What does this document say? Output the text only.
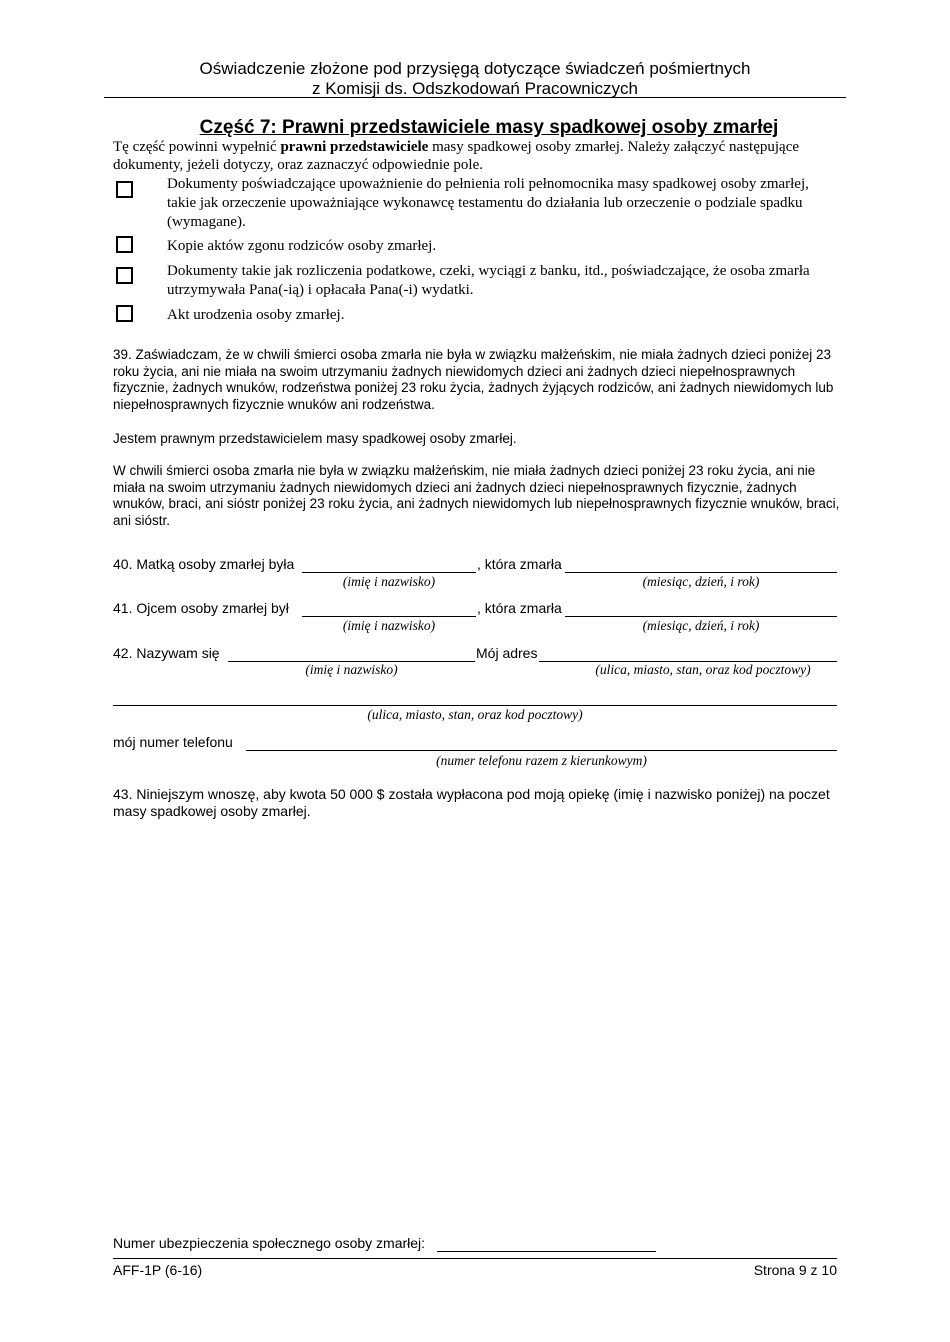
Oświadczenie złożone pod przysięgą dotyczące świadczeń pośmiertnych
z Komisji ds. Odszkodowań Pracowniczych
Część 7: Prawni przedstawiciele masy spadkowej osoby zmarłej
Tę część powinni wypełnić prawni przedstawiciele masy spadkowej osoby zmarłej. Należy załączyć następujące dokumenty, jeżeli dotyczy, oraz zaznaczyć odpowiednie pole.
Dokumenty poświadczające upoważnienie do pełnienia roli pełnomocnika masy spadkowej osoby zmarłej, takie jak orzeczenie upoważniające wykonawcę testamentu do działania lub orzeczenie o podziale spadku (wymagane).
Kopie aktów zgonu rodziców osoby zmarłej.
Dokumenty takie jak rozliczenia podatkowe, czeki, wyciągi z banku, itd., poświadczające, że osoba zmarła utrzymywała Pana(-ią) i opłacała Pana(-i) wydatki.
Akt urodzenia osoby zmarłej.
39. Zaświadczam, że w chwili śmierci osoba zmarła nie była w związku małżeńskim, nie miała żadnych dzieci poniżej 23 roku życia, ani nie miała na swoim utrzymaniu żadnych niewidomych dzieci ani żadnych dzieci niepełnosprawnych fizycznie, żadnych wnuków, rodzeństwa poniżej 23 roku życia, żadnych żyjących rodziców, ani żadnych niewidomych lub niepełnosprawnych fizycznie wnuków ani rodzeństwa.
Jestem prawnym przedstawicielem masy spadkowej osoby zmarłej.
W chwili śmierci osoba zmarła nie była w związku małżeńskim, nie miała żadnych dzieci poniżej 23 roku życia, ani nie miała na swoim utrzymaniu żadnych niewidomych dzieci ani żadnych dzieci niepełnosprawnych fizycznie, żadnych wnuków, braci, ani sióstr poniżej 23 roku życia, ani żadnych niewidomych lub niepełnosprawnych fizycznie wnuków, braci, ani sióstr.
40. Matką osoby zmarłej była	, która zmarła
(imię i nazwisko)	(miesiąc, dzień, i rok)
41. Ojcem osoby zmarłej był	, która zmarła
(imię i nazwisko)	(miesiąc, dzień, i rok)
42. Nazywam się	Mój adres
(imię i nazwisko)	(ulica, miasto, stan, oraz kod pocztowy)
(ulica, miasto, stan, oraz kod pocztowy)
mój numer telefonu
(numer telefonu razem z kierunkowym)
43. Niniejszym wnoszę, aby kwota 50 000 $ została wypłacona pod moją opiekę (imię i nazwisko poniżej) na poczet masy spadkowej osoby zmarłej.
Numer ubezpieczenia społecznego osoby zmarłej:
AFF-1P (6-16)	Strona 9 z 10
